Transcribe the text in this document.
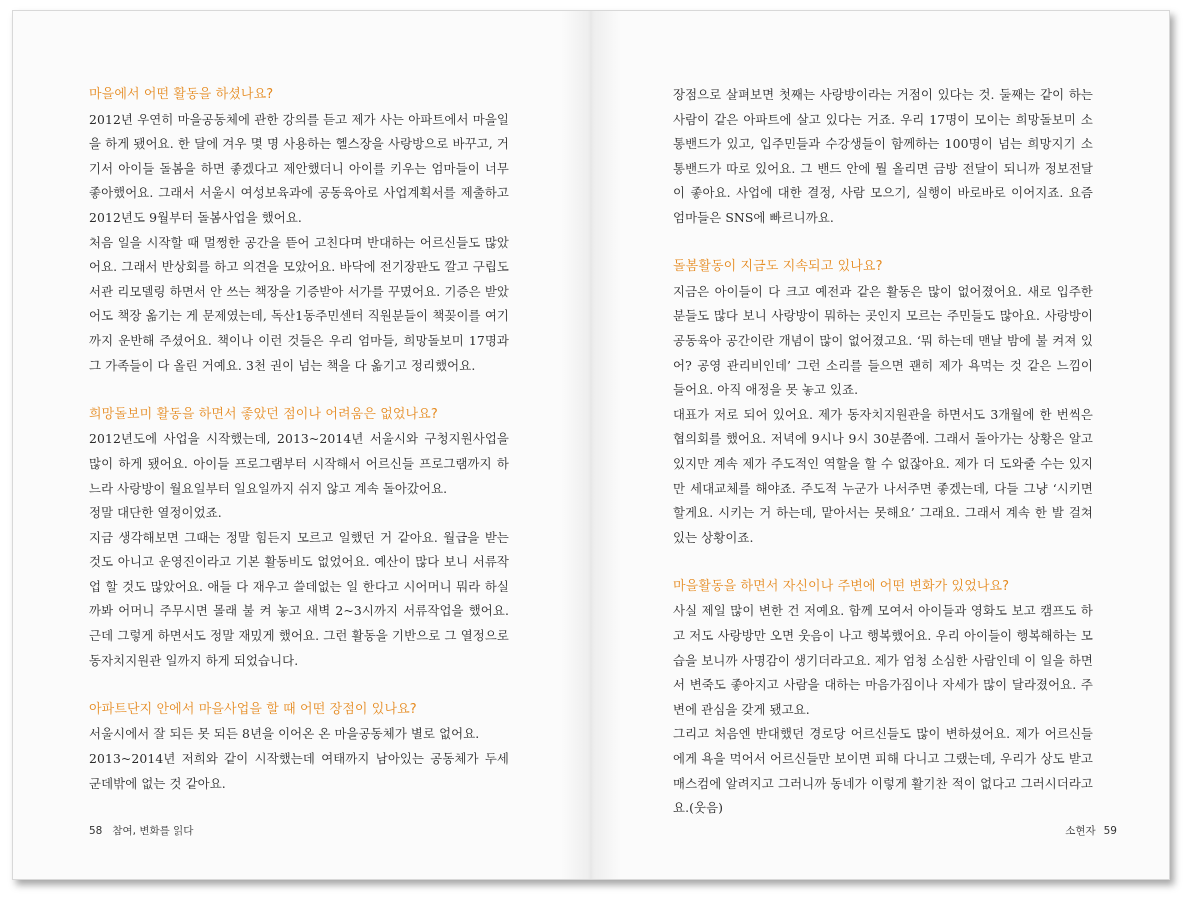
마을에서 어떤 활동을 하셨나요?

2012년 우연히 마을공동체에 관한 강의를 듣고 제가 사는 아파트에서 마을일을 하게 됐어요. 한 달에 겨우 몇 명 사용하는 헬스장을 사랑방으로 바꾸고, 거기서 아이들 돌봄을 하면 좋겠다고 제안했더니 아이를 키우는 엄마들이 너무 좋아했어요. 그래서 서울시 여성보육과에 공동육아로 사업계획서를 제출하고 2012년도 9월부터 돌봄사업을 했어요.

처음 일을 시작할 때 멀쩡한 공간을 뜯어 고친다며 반대하는 어르신들도 많았어요. 그래서 반상회를 하고 의견을 모았어요. 바닥에 전기장판도 깔고 구립도서관 리모델링 하면서 안 쓰는 책장을 기증받아 서가를 꾸몄어요. 기증은 받았어도 책장 옮기는 게 문제였는데, 독산1동주민센터 직원분들이 책꽂이를 여기까지 운반해 주셨어요. 책이나 이런 것들은 우리 엄마들, 희망돌보미 17명과 그 가족들이 다 올린 거예요. 3천 권이 넘는 책을 다 옮기고 정리했어요.

희망돌보미 활동을 하면서 좋았던 점이나 어려움은 없었나요?

2012년도에 사업을 시작했는데, 2013~2014년 서울시와 구청지원사업을 많이 하게 됐어요. 아이들 프로그램부터 시작해서 어르신들 프로그램까지 하느라 사랑방이 월요일부터 일요일까지 쉬지 않고 계속 돌아갔어요.

정말 대단한 열정이었죠.

지금 생각해보면 그때는 정말 힘든지 모르고 일했던 거 같아요. 월급을 받는 것도 아니고 운영진이라고 기본 활동비도 없었어요. 예산이 많다 보니 서류작업 할 것도 많았어요. 애들 다 재우고 쓸데없는 일 한다고 시어머니 뭐라 하실까봐 어머니 주무시면 몰래 불 켜 놓고 새벽 2~3시까지 서류작업을 했어요. 근데 그렇게 하면서도 정말 재밌게 했어요. 그런 활동을 기반으로 그 열정으로 동자치지원관 일까지 하게 되었습니다.

아파트단지 안에서 마을사업을 할 때 어떤 장점이 있나요?

서울시에서 잘 되든 못 되든 8년을 이어온 온 마을공동체가 별로 없어요.

2013~2014년 저희와 같이 시작했는데 여태까지 남아있는 공동체가 두세 군데밖에 없는 것 같아요.

58 참여, 변화를 읽다

장점으로 살펴보면 첫째는 사랑방이라는 거점이 있다는 것. 둘째는 같이 하는 사람이 같은 아파트에 살고 있다는 거죠. 우리 17명이 모이는 희망돌보미 소통밴드가 있고, 입주민들과 수강생들이 함께하는 100명이 넘는 희망지기 소통밴드가 따로 있어요. 그 밴드 안에 뭘 올리면 금방 전달이 되니까 정보전달이 좋아요. 사업에 대한 결정, 사람 모으기, 실행이 바로바로 이어지죠. 요즘 엄마들은 SNS에 빠르니까요.

돌봄활동이 지금도 지속되고 있나요?

지금은 아이들이 다 크고 예전과 같은 활동은 많이 없어졌어요. 새로 입주한 분들도 많다 보니 사랑방이 뭐하는 곳인지 모르는 주민들도 많아요. 사랑방이 공동육아 공간이란 개념이 많이 없어졌고요. ‘뭐 하는데 맨날 밤에 불 켜져 있어? 공영 관리비인데’ 그런 소리를 들으면 괜히 제가 욕먹는 것 같은 느낌이 들어요. 아직 애정을 못 놓고 있죠.

대표가 저로 되어 있어요. 제가 동자치지원관을 하면서도 3개월에 한 번씩은 협의회를 했어요. 저녁에 9시나 9시 30분쯤에. 그래서 돌아가는 상황은 알고 있지만 계속 제가 주도적인 역할을 할 수 없잖아요. 제가 더 도와줄 수는 있지만 세대교체를 해야죠. 주도적 누군가 나서주면 좋겠는데, 다들 그냥 ‘시키면 할게요. 시키는 거 하는데, 맡아서는 못해요’ 그래요. 그래서 계속 한 발 걸쳐 있는 상황이죠.

마을활동을 하면서 자신이나 주변에 어떤 변화가 있었나요?

사실 제일 많이 변한 건 저예요. 함께 모여서 아이들과 영화도 보고 캠프도 하고 저도 사랑방만 오면 웃음이 나고 행복했어요. 우리 아이들이 행복해하는 모습을 보니까 사명감이 생기더라고요. 제가 엄청 소심한 사람인데 이 일을 하면서 변죽도 좋아지고 사람을 대하는 마음가짐이나 자세가 많이 달라졌어요. 주변에 관심을 갖게 됐고요.

그리고 처음엔 반대했던 경로당 어르신들도 많이 변하셨어요. 제가 어르신들에게 욕을 먹어서 어르신들만 보이면 피해 다니고 그랬는데, 우리가 상도 받고 매스컴에 알려지고 그러니까 동네가 이렇게 활기찬 적이 없다고 그러시더라고요.(웃음)

소현자 59
